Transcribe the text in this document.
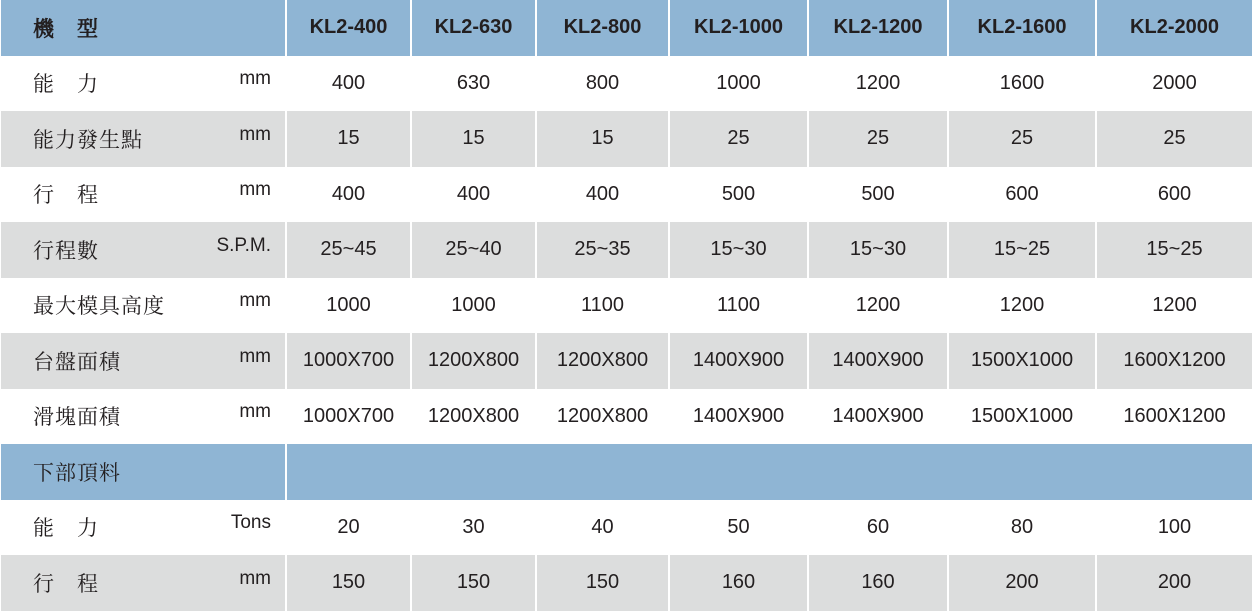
機　型	KL2-400	KL2-630	KL2-800	KL2-1000	KL2-1200	KL2-1600	KL2-2000

能　力 mm	400	630	800	1000	1200	1600	2000

能力發生點 mm	15	15	15	25	25	25	25

行　程 mm	400	400	400	500	500	600	600

行程數 S.P.M.	25~45	25~40	25~35	15~30	15~30	15~25	15~25

最大模具高度 mm	1000	1000	1100	1100	1200	1200	1200

台盤面積 mm	1000X700	1200X800	1200X800	1400X900	1400X900	1500X1000	1600X1200

滑塊面積 mm	1000X700	1200X800	1200X800	1400X900	1400X900	1500X1000	1600X1200

下部頂料							

能　力 Tons	20	30	40	50	60	80	100

行　程 mm	150	150	150	160	160	200	200
